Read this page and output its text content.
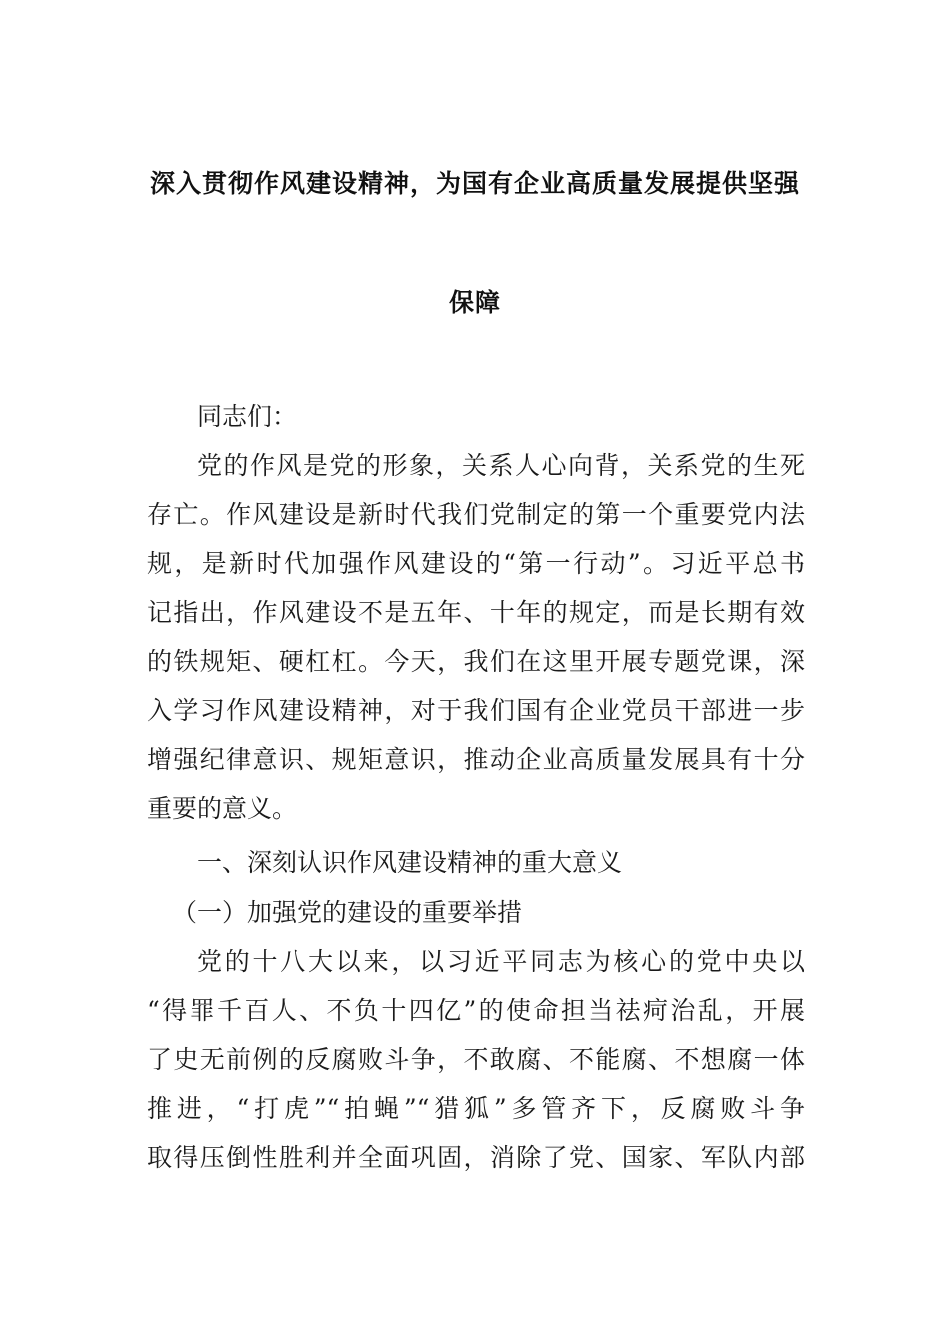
深入贯彻作风建设精神，为国有企业高质量发展提供坚强
保障
同志们：
党的作风是党的形象，关系人心向背，关系党的生死
存亡。作风建设是新时代我们党制定的第一个重要党内法
规，是新时代加强作风建设的“第一行动”。习近平总书
记指出，作风建设不是五年、十年的规定，而是长期有效
的铁规矩、硬杠杠。今天，我们在这里开展专题党课，深
入学习作风建设精神，对于我们国有企业党员干部进一步
增强纪律意识、规矩意识，推动企业高质量发展具有十分
重要的意义。
一、深刻认识作风建设精神的重大意义
（一）加强党的建设的重要举措
党的十八大以来，以习近平同志为核心的党中央以
“得罪千百人、不负十四亿”的使命担当祛疴治乱，开展
了史无前例的反腐败斗争，不敢腐、不能腐、不想腐一体
推进，“打虎”“拍蝇”“猎狐”多管齐下，反腐败斗争
取得压倒性胜利并全面巩固，消除了党、国家、军队内部
